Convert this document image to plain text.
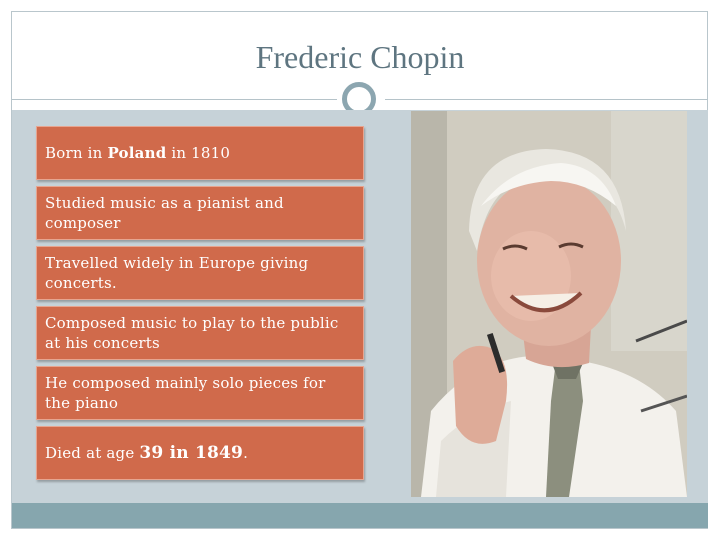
Frederic Chopin
Born in Poland in 1810
Studied music as a pianist and composer
Travelled widely in Europe giving concerts.
Composed music to play to the public at his concerts
He composed mainly solo pieces for the piano
Died at age 39 in 1849.
